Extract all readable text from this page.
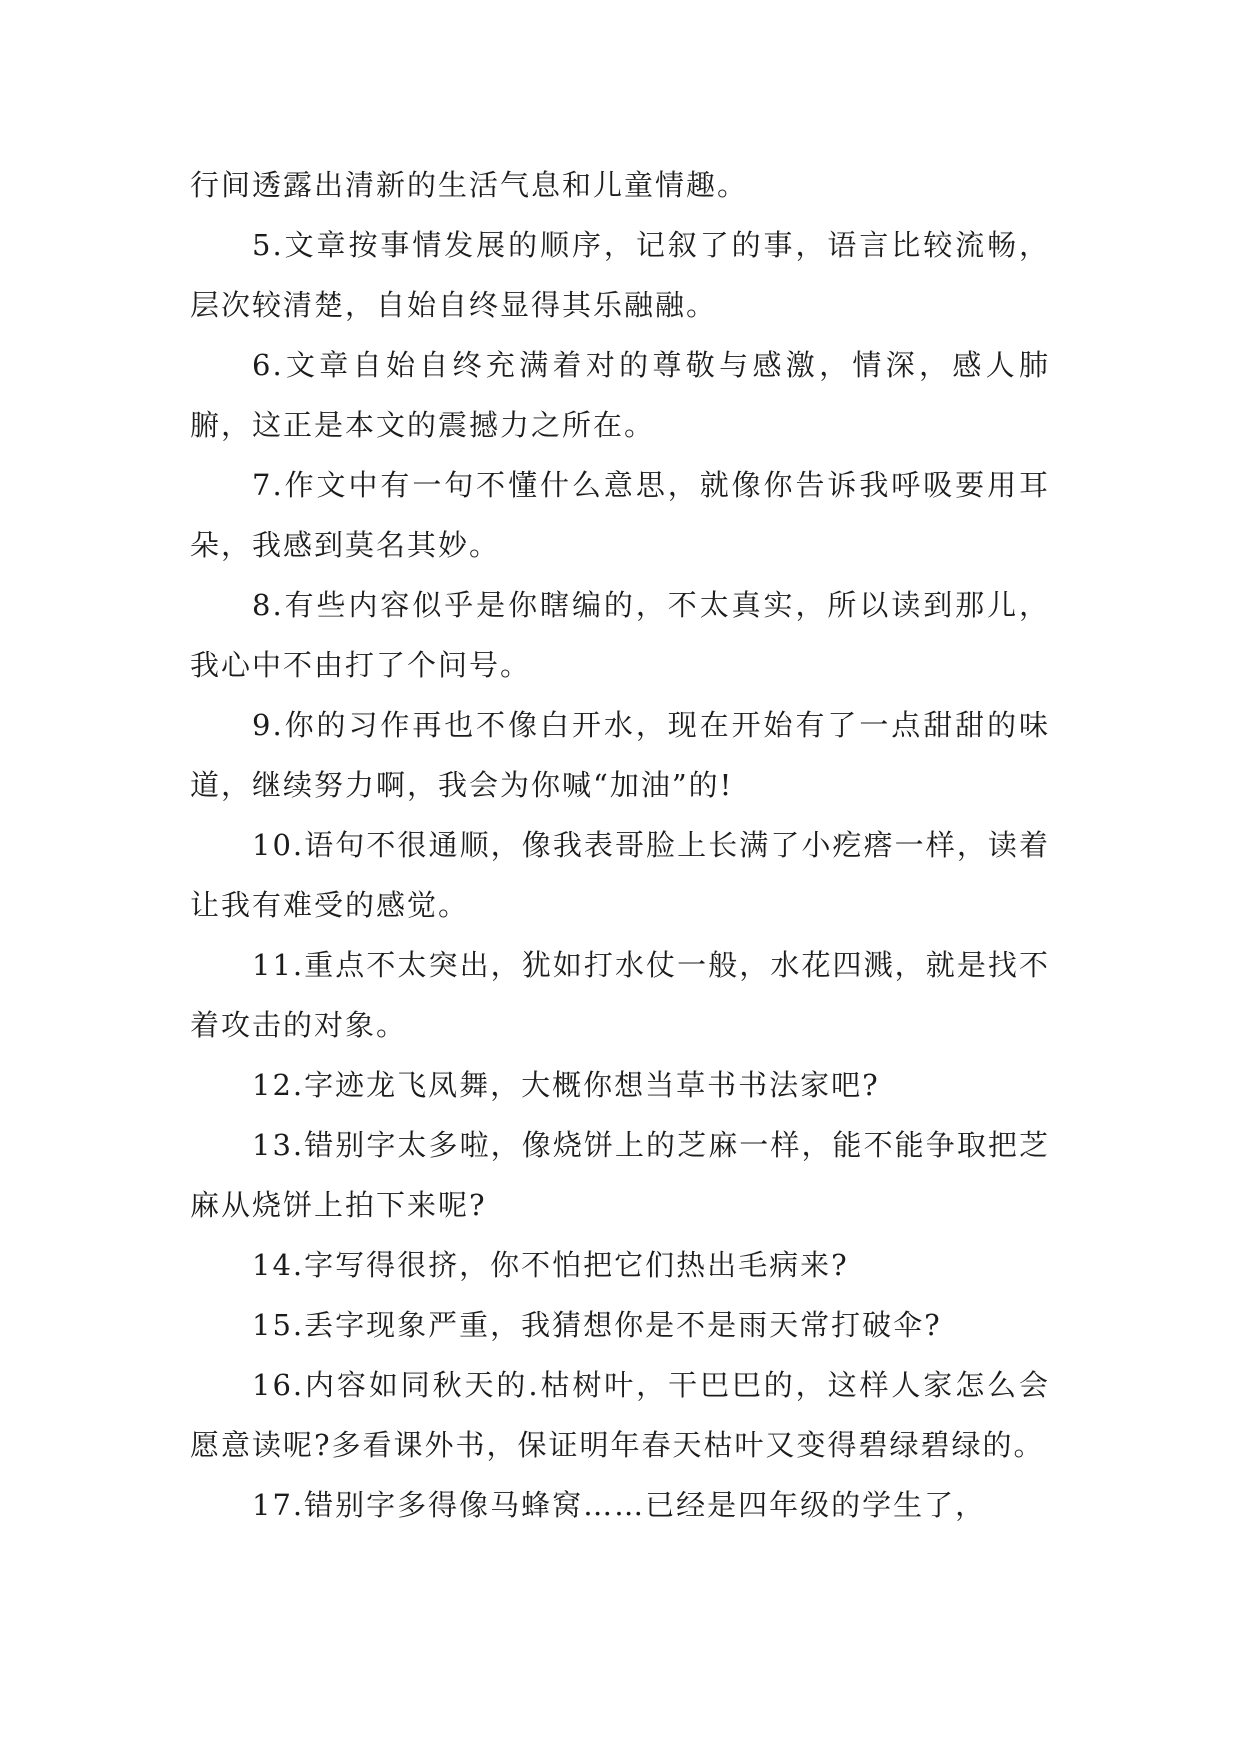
行间透露出清新的生活气息和儿童情趣。

5.文章按事情发展的顺序，记叙了的事，语言比较流畅，层次较清楚，自始自终显得其乐融融。

6.文章自始自终充满着对的尊敬与感激，情深，感人肺腑，这正是本文的震撼力之所在。

7.作文中有一句不懂什么意思，就像你告诉我呼吸要用耳朵，我感到莫名其妙。

8.有些内容似乎是你瞎编的，不太真实，所以读到那儿，我心中不由打了个问号。

9.你的习作再也不像白开水，现在开始有了一点甜甜的味道，继续努力啊，我会为你喊“加油”的!

10.语句不很通顺，像我表哥脸上长满了小疙瘩一样，读着让我有难受的感觉。

11.重点不太突出，犹如打水仗一般，水花四溅，就是找不着攻击的对象。

12.字迹龙飞凤舞，大概你想当草书书法家吧?

13.错别字太多啦，像烧饼上的芝麻一样，能不能争取把芝麻从烧饼上拍下来呢?

14.字写得很挤，你不怕把它们热出毛病来?

15.丢字现象严重，我猜想你是不是雨天常打破伞?

16.内容如同秋天的.枯树叶，干巴巴的，这样人家怎么会愿意读呢?多看课外书，保证明年春天枯叶又变得碧绿碧绿的。

17.错别字多得像马蜂窝……已经是四年级的学生了，
